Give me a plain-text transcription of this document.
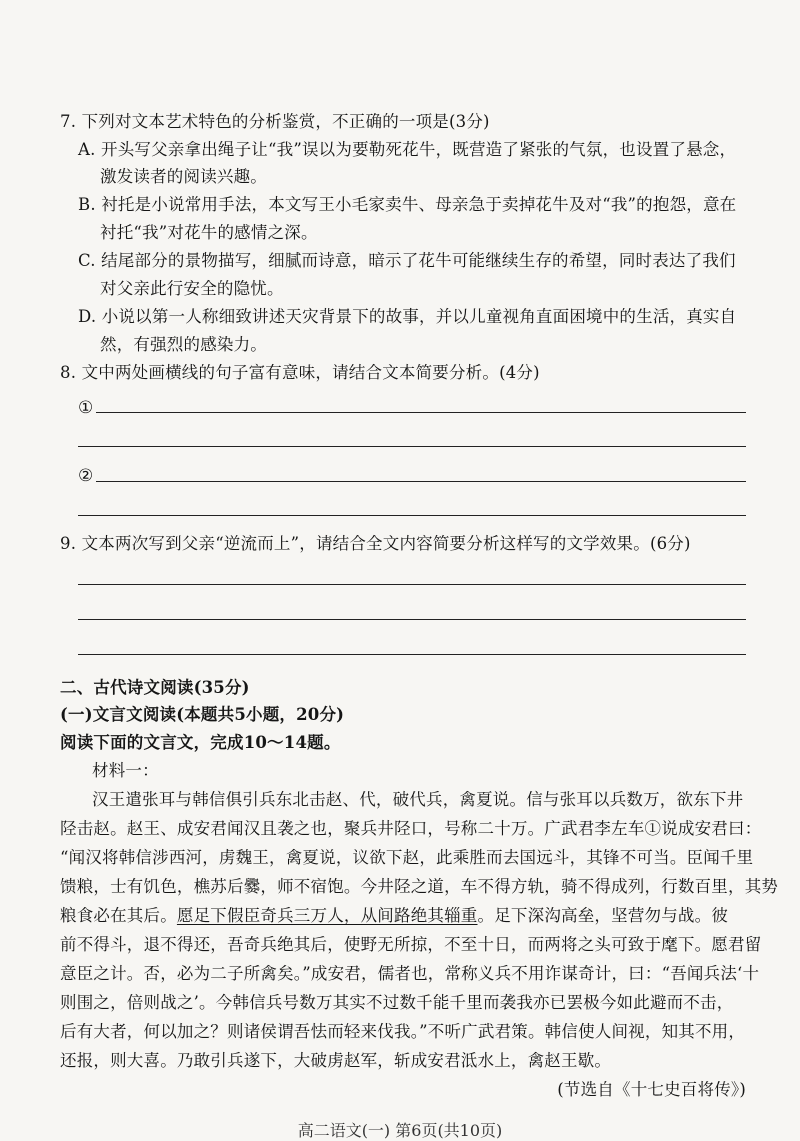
7. 下列对文本艺术特色的分析鉴赏，不正确的一项是(3分)
A. 开头写父亲拿出绳子让“我”误以为要勒死花牛，既营造了紧张的气氛，也设置了悬念，
激发读者的阅读兴趣。
B. 衬托是小说常用手法，本文写王小毛家卖牛、母亲急于卖掉花牛及对“我”的抱怨，意在
衬托“我”对花牛的感情之深。
C. 结尾部分的景物描写，细腻而诗意，暗示了花牛可能继续生存的希望，同时表达了我们
对父亲此行安全的隐忧。
D. 小说以第一人称细致讲述天灾背景下的故事，并以儿童视角直面困境中的生活，真实自
然，有强烈的感染力。
8. 文中两处画横线的句子富有意味，请结合文本简要分析。(4分)
①
②
9. 文本两次写到父亲“逆流而上”，请结合全文内容简要分析这样写的文学效果。(6分)
二、古代诗文阅读(35分)
(一)文言文阅读(本题共5小题，20分)
阅读下面的文言文，完成10～14题。
材料一：
汉王遣张耳与韩信俱引兵东北击赵、代，破代兵，禽夏说。信与张耳以兵数万，欲东下井
陉击赵。赵王、成安君闻汉且袭之也，聚兵井陉口，号称二十万。广武君李左车①说成安君曰：
“闻汉将韩信涉西河，虏魏王，禽夏说，议欲下赵，此乘胜而去国远斗，其锋不可当。臣闻千里
馈粮，士有饥色，樵苏后爨，师不宿饱。今井陉之道，车不得方轨，骑不得成列，行数百里，其势
粮食必在其后。愿足下假臣奇兵三万人，从间路绝其辎重。足下深沟高垒，坚营勿与战。彼
前不得斗，退不得还，吾奇兵绝其后，使野无所掠，不至十日，而两将之头可致于麾下。愿君留
意臣之计。否，必为二子所禽矣。”成安君，儒者也，常称义兵不用诈谋奇计，曰：“吾闻兵法‘十
则围之，倍则战之’。今韩信兵号数万其实不过数千能千里而袭我亦已罢极今如此避而不击，
后有大者，何以加之？则诸侯谓吾怯而轻来伐我。”不听广武君策。韩信使人间视，知其不用，
还报，则大喜。乃敢引兵遂下，大破虏赵军，斩成安君泜水上，禽赵王歇。
(节选自《十七史百将传》)
高二语文(一) 第6页(共10页)
